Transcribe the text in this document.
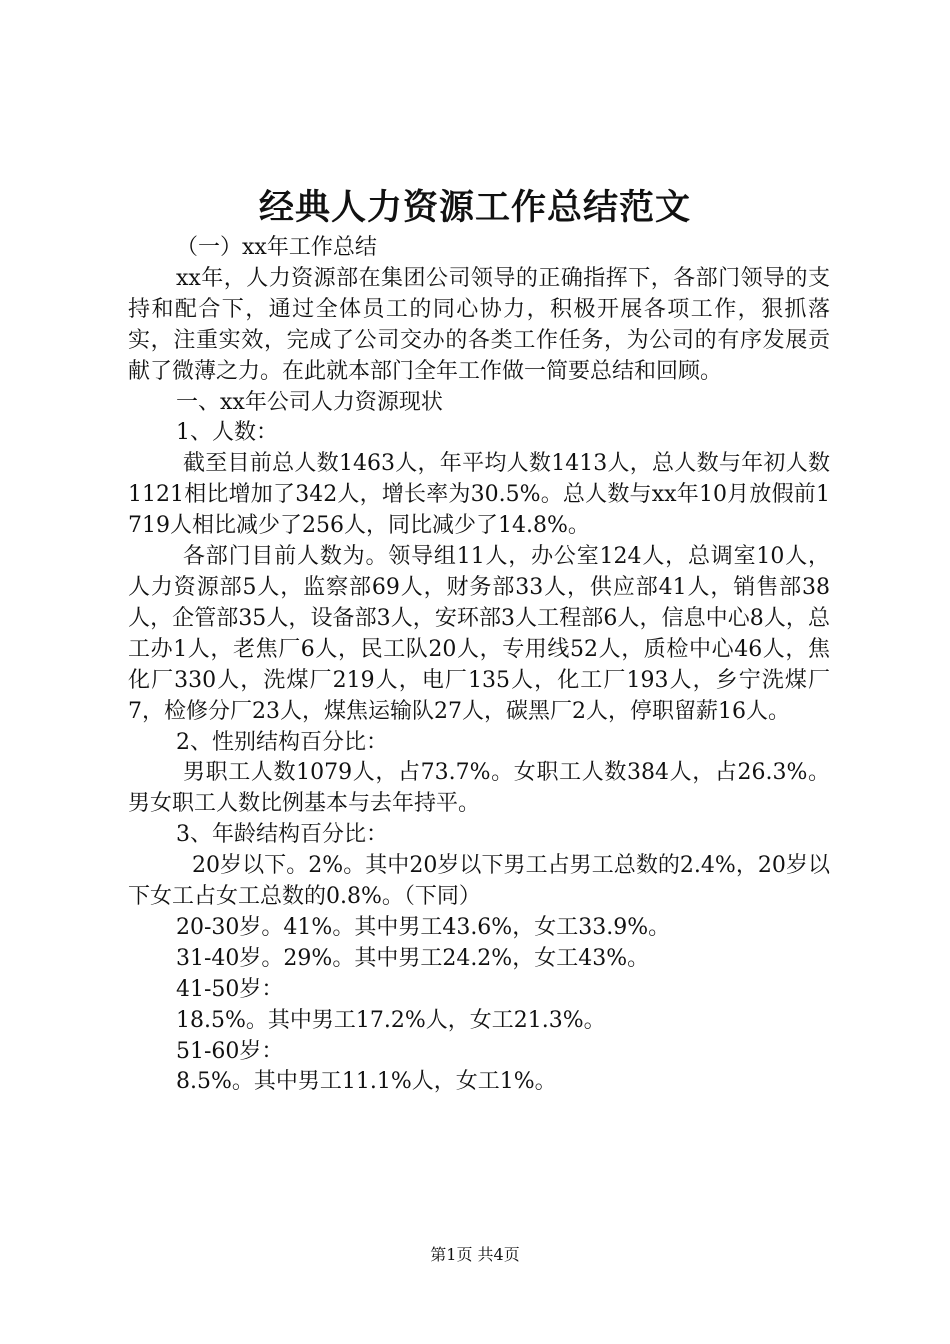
经典人力资源工作总结范文

（一）xx年工作总结

xx年，人力资源部在集团公司领导的正确指挥下，各部门领导的支持和配合下，通过全体员工的同心协力，积极开展各项工作，狠抓落实，注重实效，完成了公司交办的各类工作任务，为公司的有序发展贡献了微薄之力。在此就本部门全年工作做一简要总结和回顾。

一、xx年公司人力资源现状

1、人数：

截至目前总人数1463人，年平均人数1413人，总人数与年初人数1121相比增加了342人，增长率为30.5%。总人数与xx年10月放假前1719人相比减少了256人，同比减少了14.8%。

各部门目前人数为。领导组11人，办公室124人，总调室10人，人力资源部5人，监察部69人，财务部33人，供应部41人，销售部38人，企管部35人，设备部3人，安环部3人工程部6人，信息中心8人，总工办1人，老焦厂6人，民工队20人，专用线52人，质检中心46人，焦化厂330人，洗煤厂219人，电厂135人，化工厂193人，乡宁洗煤厂7，检修分厂23人，煤焦运输队27人，碳黑厂2人，停职留薪16人。

2、性别结构百分比：

男职工人数1079人，占73.7%。女职工人数384人，占26.3%。男女职工人数比例基本与去年持平。

3、年龄结构百分比：

20岁以下。2%。其中20岁以下男工占男工总数的2.4%，20岁以下女工占女工总数的0.8%。（下同）

20-30岁。41%。其中男工43.6%，女工33.9%。

31-40岁。29%。其中男工24.2%，女工43%。

41-50岁：

18.5%。其中男工17.2%人，女工21.3%。

51-60岁：

8.5%。其中男工11.1%人，女工1%。

第1页 共4页
